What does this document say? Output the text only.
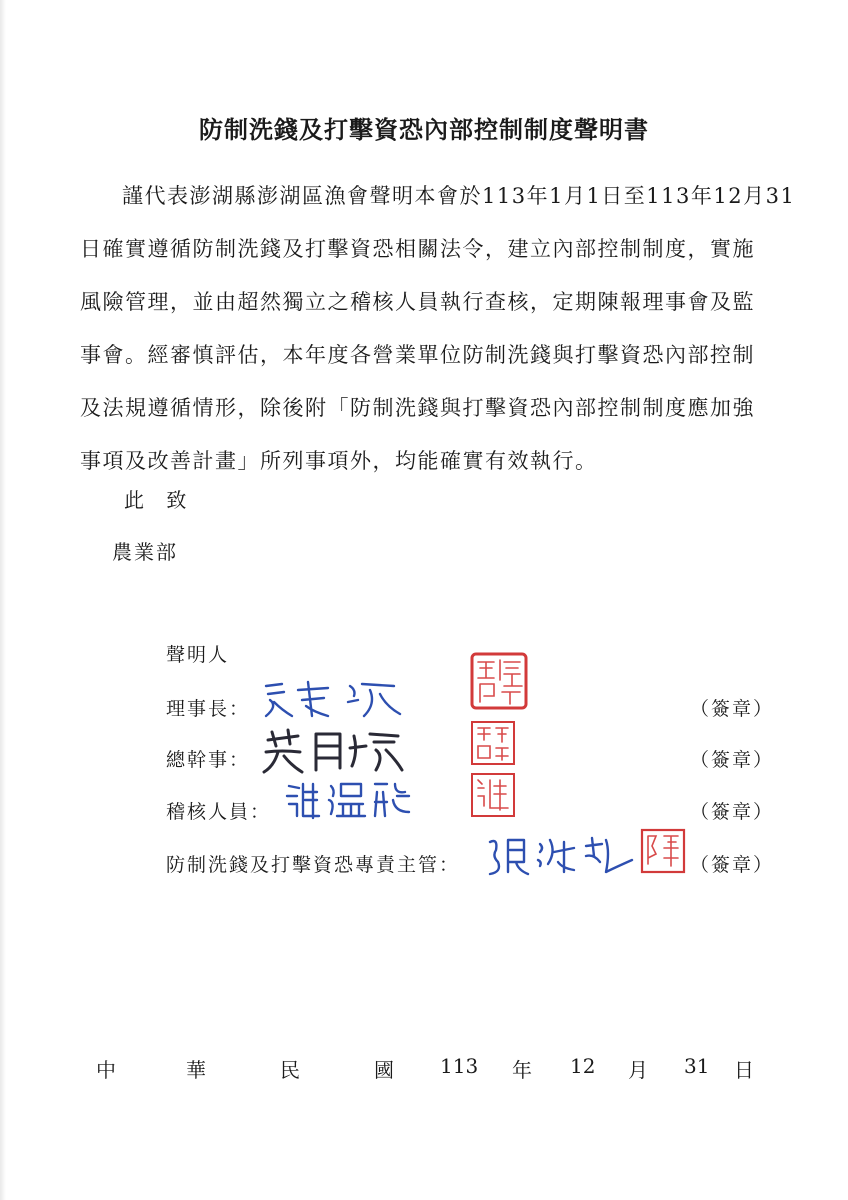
防制洗錢及打擊資恐內部控制制度聲明書
謹代表澎湖縣澎湖區漁會聲明本會於113年1月1日至113年12月31
日確實遵循防制洗錢及打擊資恐相關法令，建立內部控制制度，實施
風險管理，並由超然獨立之稽核人員執行查核，定期陳報理事會及監
事會。經審慎評估，本年度各營業單位防制洗錢與打擊資恐內部控制
及法規遵循情形，除後附「防制洗錢與打擊資恐內部控制制度應加強
事項及改善計畫」所列事項外，均能確實有效執行。
此 致
農業部
聲明人
理事長：	（簽章）
總幹事：	（簽章）
稽核人員：	（簽章）
防制洗錢及打擊資恐專責主管：	（簽章）
中	華	民	國 113 年 12 月 31 日
